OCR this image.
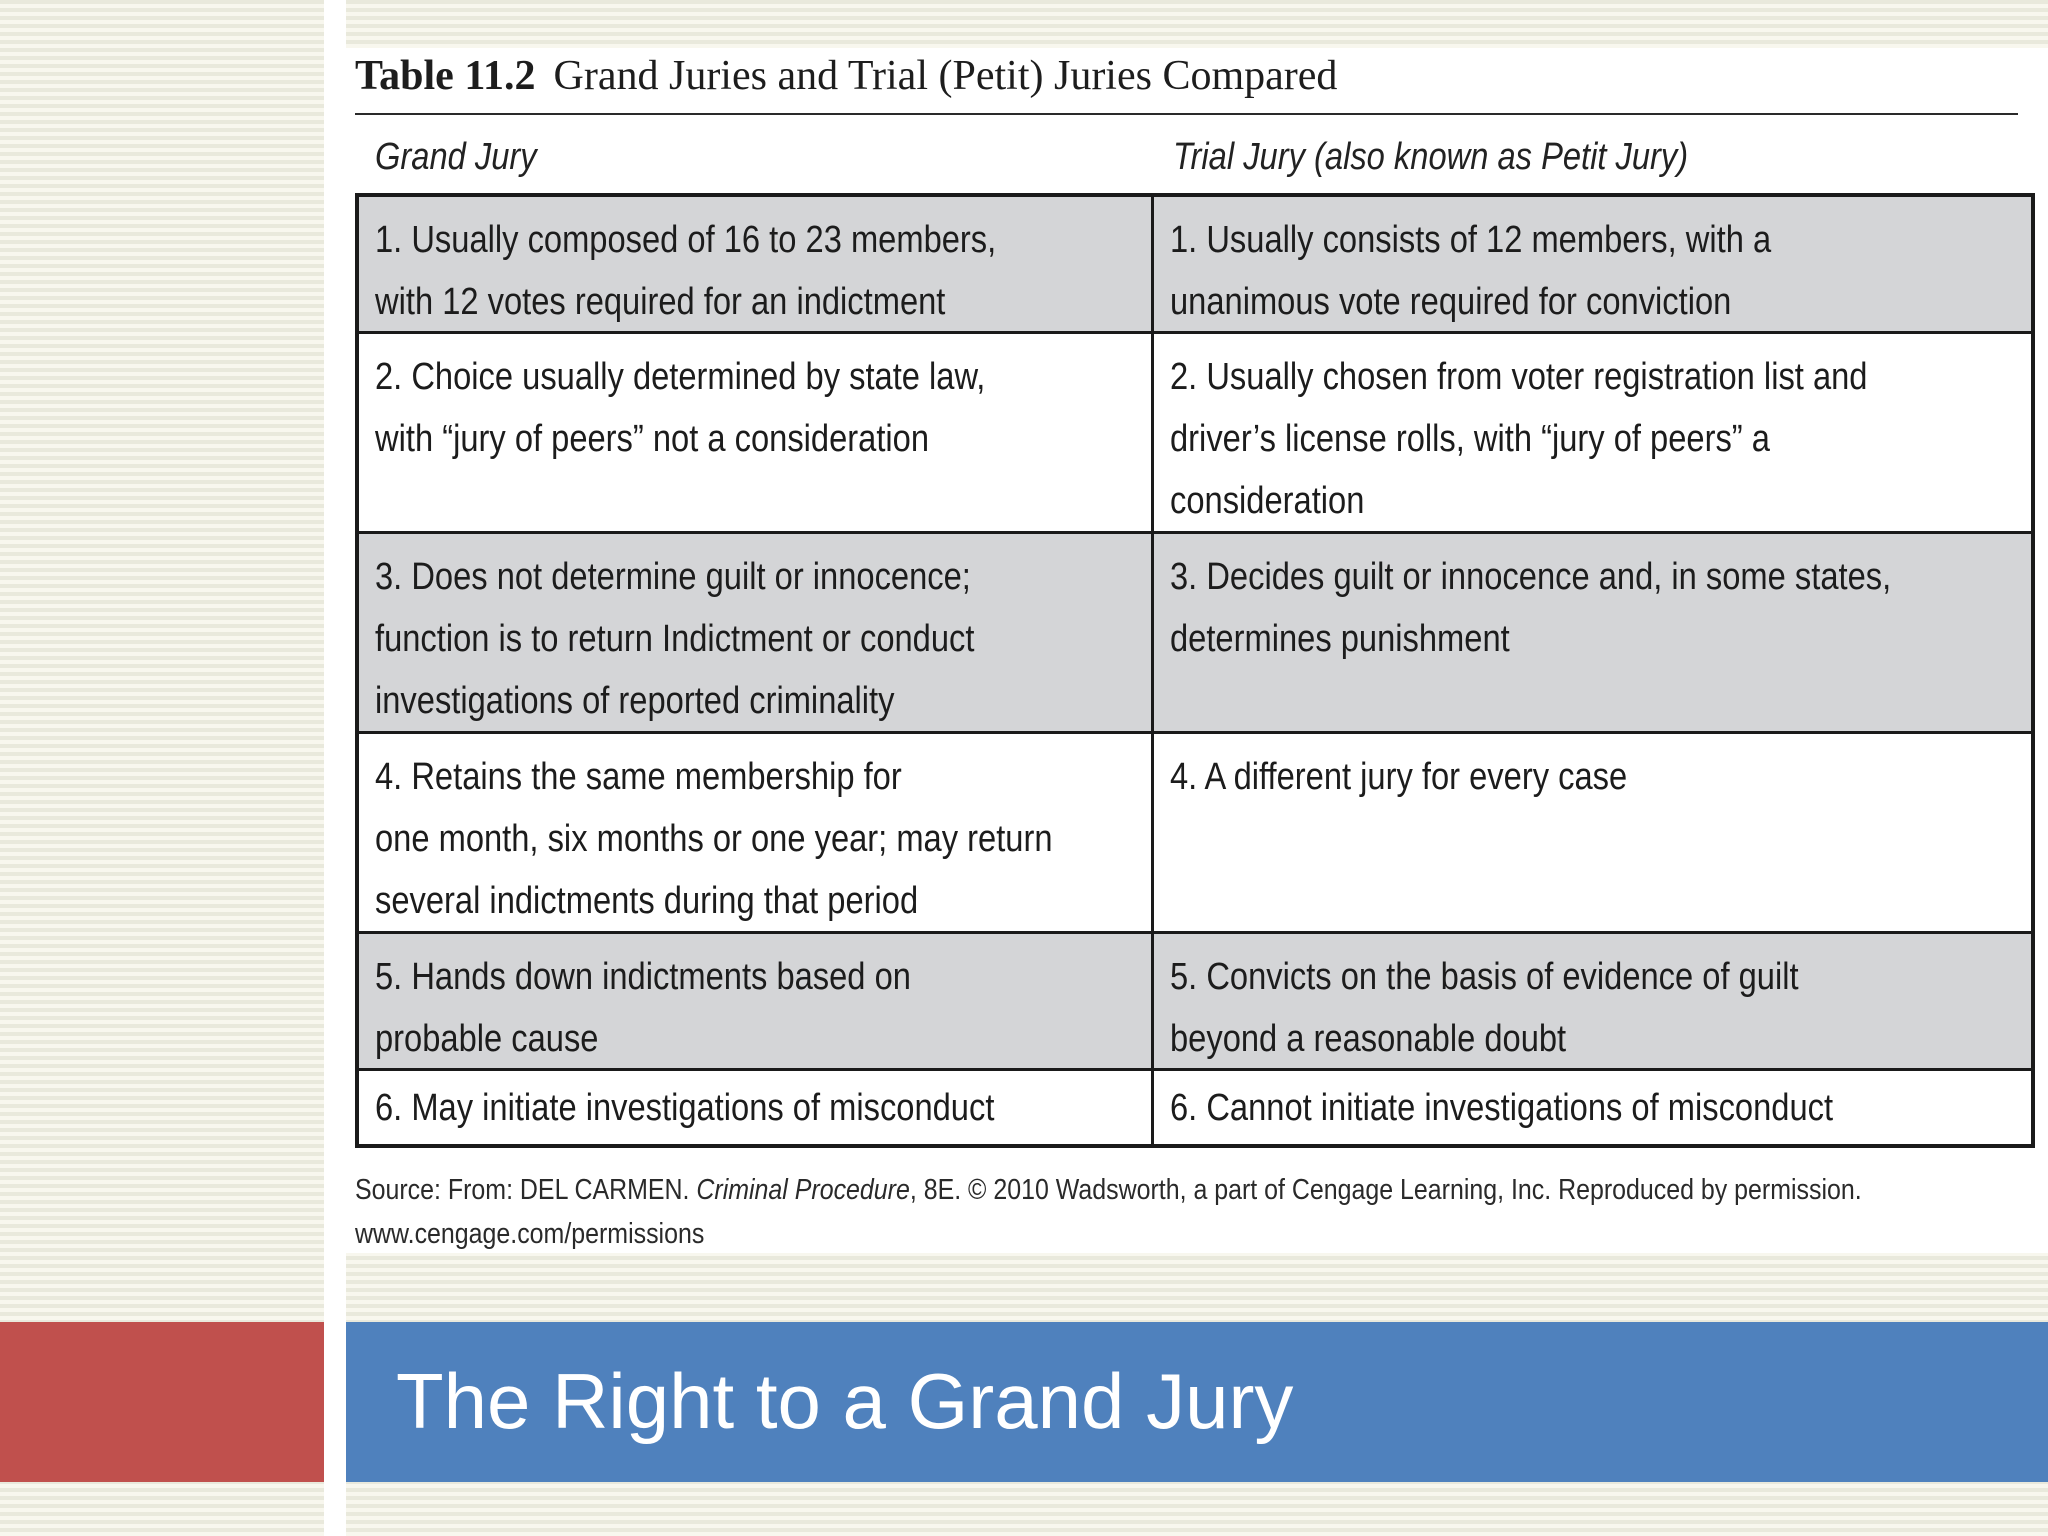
Table 11.2 Grand Juries and Trial (Petit) Juries Compared
Grand Jury	Trial Jury (also known as Petit Jury)
1. Usually composed of 16 to 23 members,
with 12 votes required for an indictment
1. Usually consists of 12 members, with a
unanimous vote required for conviction
2. Choice usually determined by state law,
with “jury of peers” not a consideration
2. Usually chosen from voter registration list and
driver’s license rolls, with “jury of peers” a
consideration
3. Does not determine guilt or innocence;
function is to return Indictment or conduct
investigations of reported criminality
3. Decides guilt or innocence and, in some states,
determines punishment
4. Retains the same membership for
one month, six months or one year; may return
several indictments during that period
4. A different jury for every case
5. Hands down indictments based on
probable cause
5. Convicts on the basis of evidence of guilt
beyond a reasonable doubt
6. May initiate investigations of misconduct	6. Cannot initiate investigations of misconduct
Source: From: DEL CARMEN. Criminal Procedure, 8E. © 2010 Wadsworth, a part of Cengage Learning, Inc. Reproduced by permission.
www.cengage.com/permissions
The Right to a Grand Jury
